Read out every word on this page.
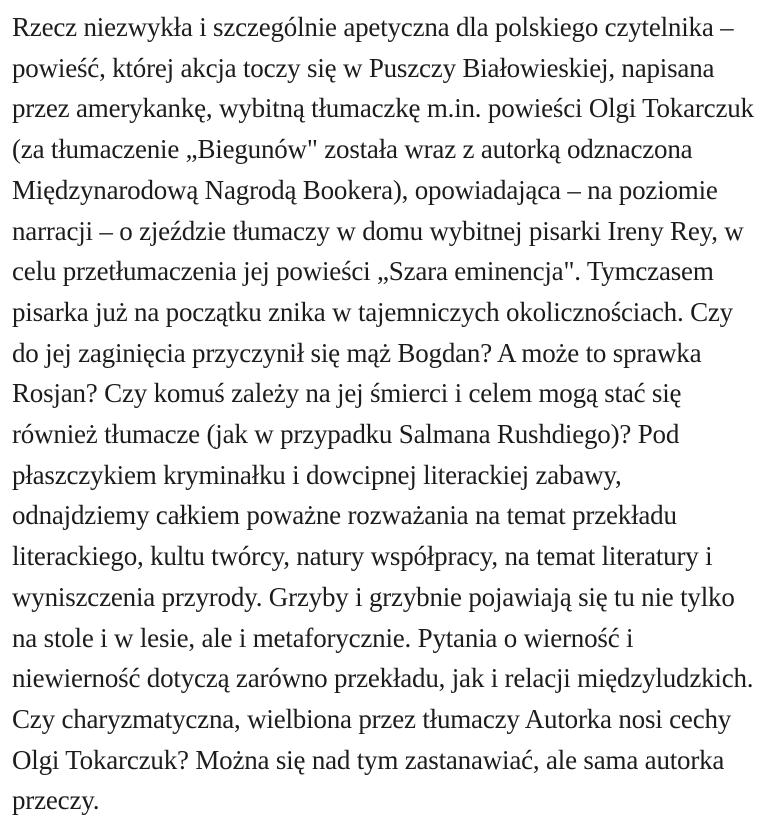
Rzecz niezwykła i szczególnie apetyczna dla polskiego czytelnika –
powieść, której akcja toczy się w Puszczy Białowieskiej, napisana
przez amerykankę, wybitną tłumaczkę m.in. powieści Olgi Tokarczuk
(za tłumaczenie „Biegunów" została wraz z autorką odznaczona
Międzynarodową Nagrodą Bookera), opowiadająca – na poziomie
narracji – o zjeździe tłumaczy w domu wybitnej pisarki Ireny Rey, w
celu przetłumaczenia jej powieści „Szara eminencja". Tymczasem
pisarka już na początku znika w tajemniczych okolicznościach. Czy
do jej zaginięcia przyczynił się mąż Bogdan? A może to sprawka
Rosjan? Czy komuś zależy na jej śmierci i celem mogą stać się
również tłumacze (jak w przypadku Salmana Rushdiego)? Pod
płaszczykiem kryminałku i dowcipnej literackiej zabawy,
odnajdziemy całkiem poważne rozważania na temat przekładu
literackiego, kultu twórcy, natury współpracy, na temat literatury i
wyniszczenia przyrody. Grzyby i grzybnie pojawiają się tu nie tylko
na stole i w lesie, ale i metaforycznie. Pytania o wierność i
niewierność dotyczą zarówno przekładu, jak i relacji międzyludzkich.
Czy charyzmatyczna, wielbiona przez tłumaczy Autorka nosi cechy
Olgi Tokarczuk? Można się nad tym zastanawiać, ale sama autorka
przeczy.
